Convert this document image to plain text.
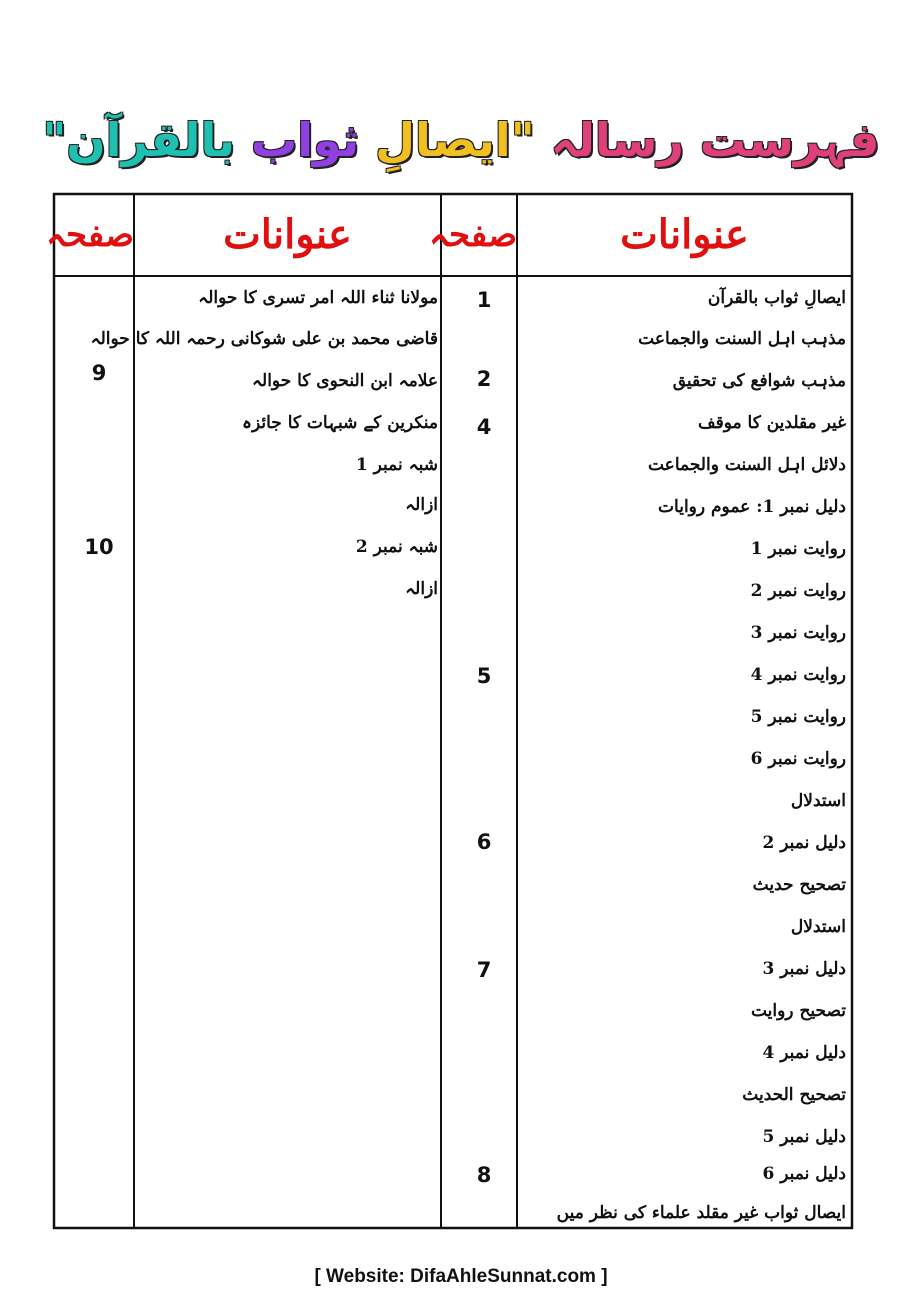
فہرست رسالہ "ایصالِ ثواب بالقرآن"
عنوانات
صفحہ
عنوانات
صفحہ
ایصالِ ثواب بالقرآن
مذہب اہل السنت والجماعت
مذہب شوافع کی تحقیق
غیر مقلدین کا موقف
دلائل اہل السنت والجماعت
دلیل نمبر 1: عموم روایات
روایت نمبر 1
روایت نمبر 2
روایت نمبر 3
روایت نمبر 4
روایت نمبر 5
روایت نمبر 6
استدلال
دلیل نمبر 2
تصحیح حدیث
استدلال
دلیل نمبر 3
تصحیح روایت
دلیل نمبر 4
تصحیح الحدیث
دلیل نمبر 5
دلیل نمبر 6
ایصال ثواب غیر مقلد علماء کی نظر میں
1
2
4
5
6
7
8
مولانا ثناء اللہ امر تسری کا حوالہ
قاضی محمد بن علی شوکانی رحمہ اللہ کا حوالہ
علامہ ابن النحوی کا حوالہ
منکرین کے شبہات کا جائزہ
شبہ نمبر 1
ازالہ
شبہ نمبر 2
ازالہ
9
10
[ Website: DifaAhleSunnat.com ]
